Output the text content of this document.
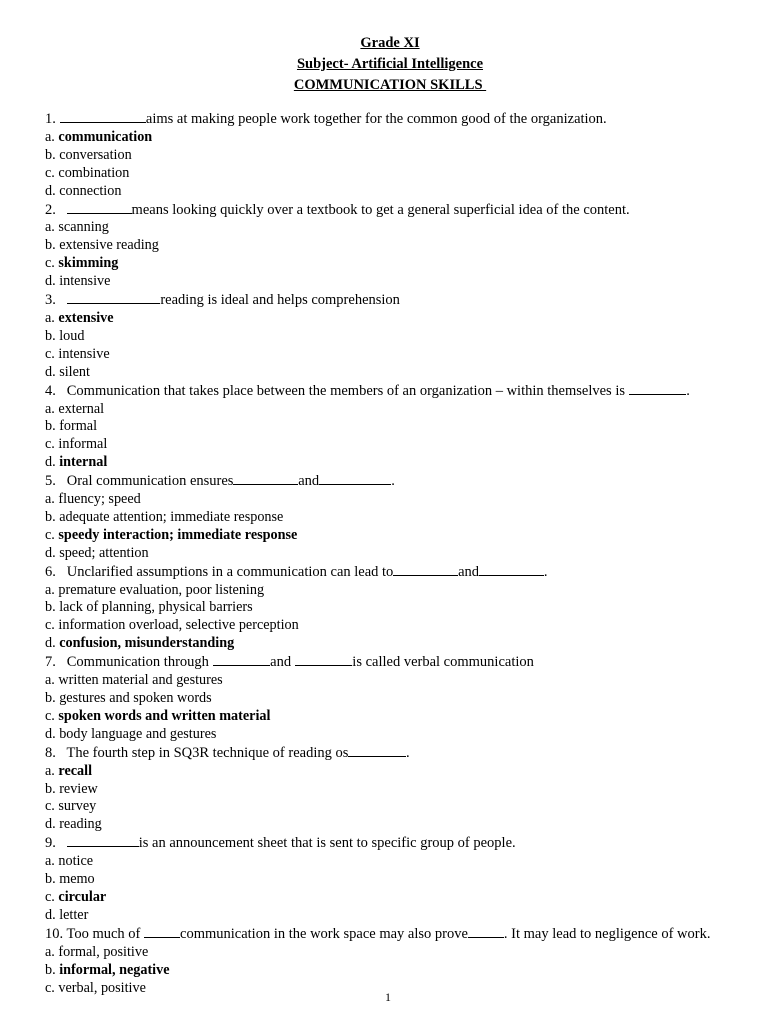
Grade XI
Subject- Artificial Intelligence
COMMUNICATION SKILLS
1.	aims at making people work together for the common good of the organization.
a. communication
b. conversation
c. combination
d. connection
2.	means looking quickly over a textbook to get a general superficial idea of the content.
a. scanning
b. extensive reading
c. skimming
d. intensive
3.	reading is ideal and helps comprehension
a. extensive
b. loud
c. intensive
d. silent
4.   Communication that takes place between the members of an organization – within themselves is	.
a. external
b. formal
c. informal
d. internal
5.   Oral communication ensures	and	.
a. fluency; speed
b. adequate attention; immediate response
c. speedy interaction; immediate response
d. speed; attention
6.   Unclarified assumptions in a communication can lead to	and	.
a. premature evaluation, poor listening
b. lack of planning, physical barriers
c. information overload, selective perception
d. confusion, misunderstanding
7.   Communication through	and	is called verbal communication
a. written material and gestures
b. gestures and spoken words
c. spoken words and written material
d. body language and gestures
8.   The fourth step in SQ3R technique of reading os	.
a. recall
b. review
c. survey
d. reading
9.	is an announcement sheet that is sent to specific group of people.
a. notice
b. memo
c. circular
d. letter
10. Too much of communication in the work space may also prove . It may lead to negligence of work.
a. formal, positive
b. informal, negative
c. verbal, positive
1
